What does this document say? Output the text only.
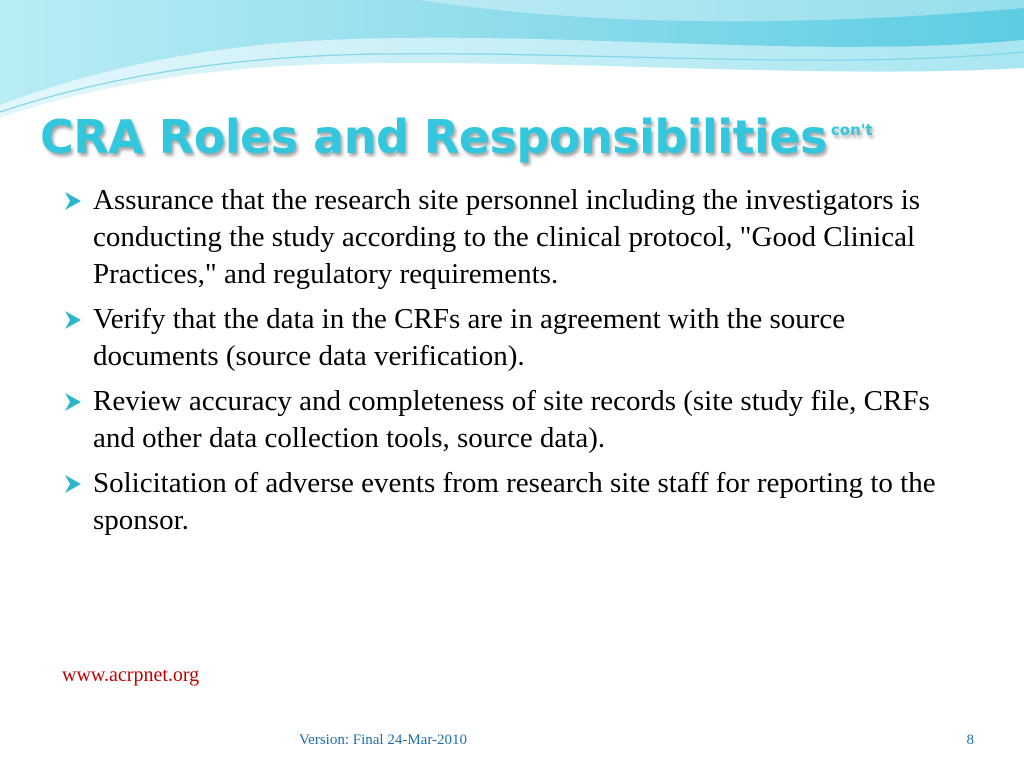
CRA Roles and Responsibilities $^{con't}$
Assurance that the research site personnel including the investigators is conducting the study according to the clinical protocol, "Good Clinical Practices," and regulatory requirements.
Verify that the data in the CRFs are in agreement with the source documents (source data verification).
Review accuracy and completeness of site records (site study file, CRFs and other data collection tools, source data).
Solicitation of adverse events from research site staff for reporting to the sponsor.
www.acrpnet.org
Version: Final 24-Mar-2010	8
